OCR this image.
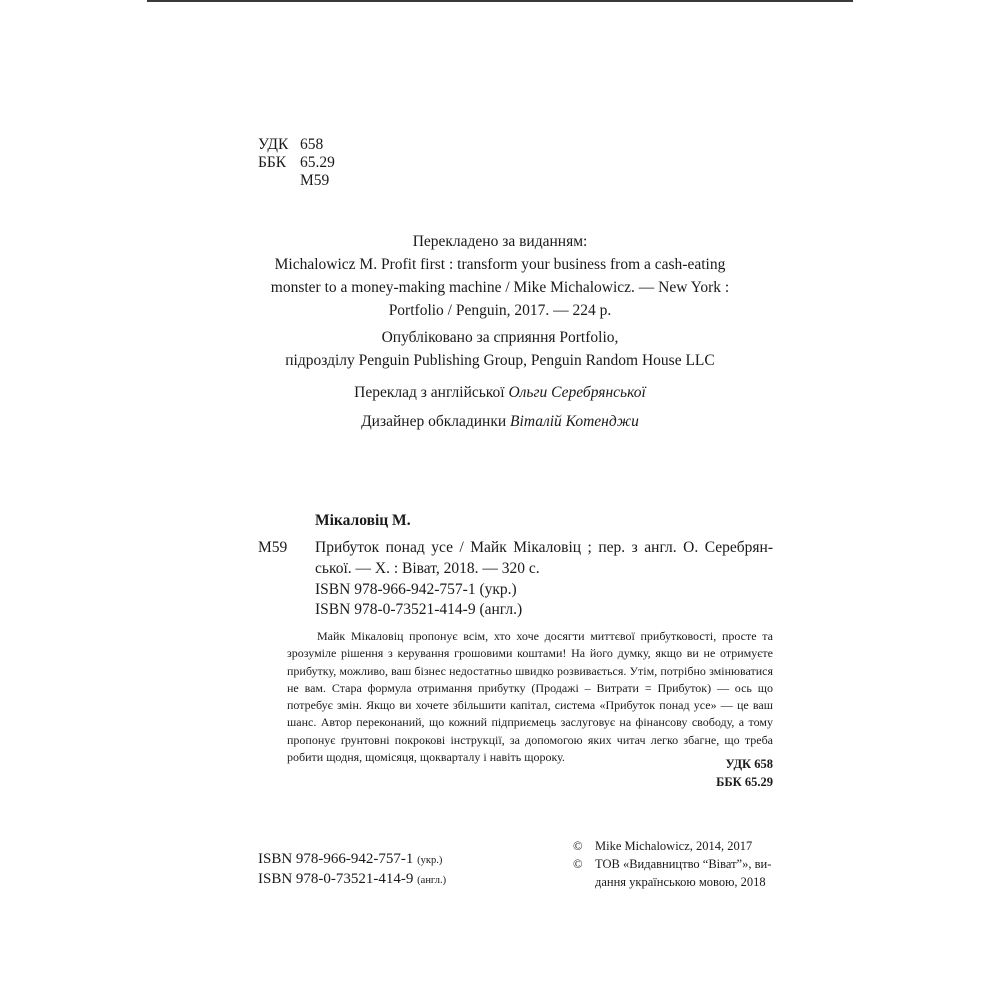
УДК 658
ББК 65.29
М59
Перекладено за виданням:
Michalowicz M. Profit first : transform your business from a cash-eating
monster to a money-making machine / Mike Michalowicz. — New York :
Portfolio / Penguin, 2017. — 224 p.
Опубліковано за сприяння Portfolio,
підрозділу Penguin Publishing Group, Penguin Random House LLC
Переклад з англійської Ольги Серебрянської
Дизайнер обкладинки Віталій Котенджи
Мікаловіц М.
М59 Прибуток понад усе / Майк Мікаловіц ; пер. з англ. О. Серебрян-
ської. — Х. : Віват, 2018. — 320 с.
ISBN 978-966-942-757-1 (укр.)
ISBN 978-0-73521-414-9 (англ.)

Майк Мікаловіц пропонує всім, хто хоче досягти миттєвої прибутковості, просте та зрозуміле рішення з керування грошовими коштами! На його думку, якщо ви не отримуєте прибутку, можливо, ваш бізнес недостатньо швидко розвивається. Утім, потрібно змінюватися не вам. Стара формула отримання прибутку (Продажі – Витрати = Прибуток) — ось що потребує змін. Якщо ви хочете збільшити капітал, система «Прибуток понад усе» — це ваш шанс. Автор переконаний, що кожний підприємець заслуговує на фінансову свободу, а тому пропонує ґрунтовні покрокові інструкції, за допомогою яких читач легко збагне, що треба робити щодня, щомісяця, щокварталу і навіть щороку.	УДК 658
ББК 65.29
ISBN 978-966-942-757-1 (укр.)
ISBN 978-0-73521-414-9 (англ.)
© Mike Michalowicz, 2014, 2017
© ТОВ «Видавництво “Віват”», ви-
дання українською мовою, 2018
